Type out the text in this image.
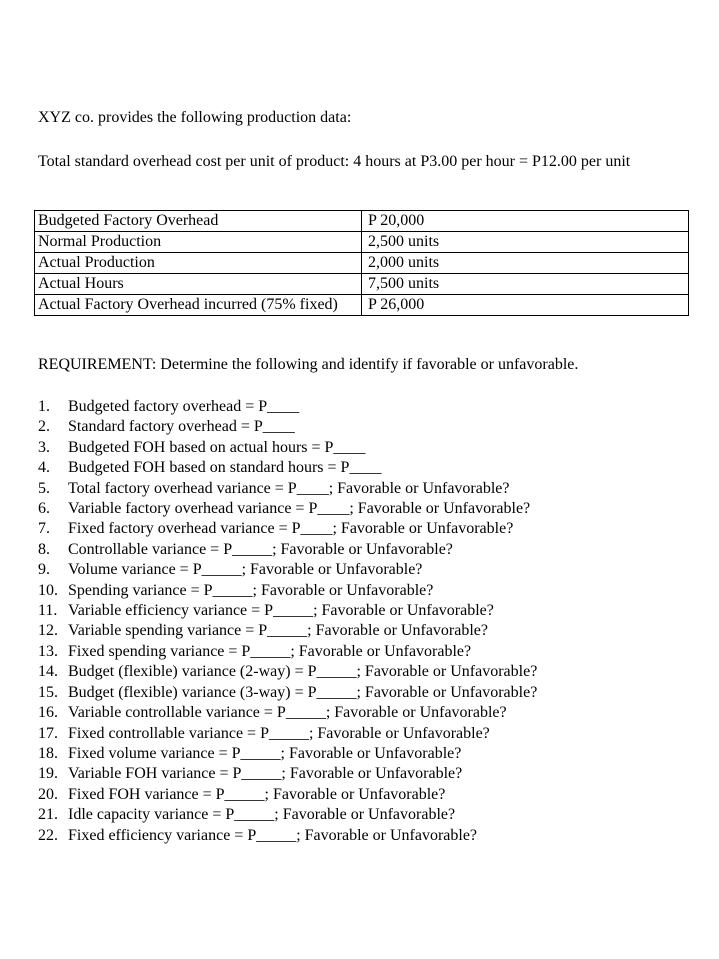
XYZ co. provides the following production data:

Total standard overhead cost per unit of product: 4 hours at P3.00 per hour = P12.00 per unit

Budgeted Factory Overhead	P 20,000
Normal Production	2,500 units
Actual Production	2,000 units
Actual Hours	7,500 units
Actual Factory Overhead incurred (75% fixed)	P 26,000

REQUIREMENT: Determine the following and identify if favorable or unfavorable.

1. Budgeted factory overhead = P____
2. Standard factory overhead = P____
3. Budgeted FOH based on actual hours = P____
4. Budgeted FOH based on standard hours = P____
5. Total factory overhead variance = P____; Favorable or Unfavorable?
6. Variable factory overhead variance = P____; Favorable or Unfavorable?
7. Fixed factory overhead variance = P____; Favorable or Unfavorable?
8. Controllable variance = P_____; Favorable or Unfavorable?
9. Volume variance = P_____; Favorable or Unfavorable?
10. Spending variance = P_____; Favorable or Unfavorable?
11. Variable efficiency variance = P_____; Favorable or Unfavorable?
12. Variable spending variance = P_____; Favorable or Unfavorable?
13. Fixed spending variance = P_____; Favorable or Unfavorable?
14. Budget (flexible) variance (2-way) = P_____; Favorable or Unfavorable?
15. Budget (flexible) variance (3-way) = P_____; Favorable or Unfavorable?
16. Variable controllable variance = P_____; Favorable or Unfavorable?
17. Fixed controllable variance = P_____; Favorable or Unfavorable?
18. Fixed volume variance = P_____; Favorable or Unfavorable?
19. Variable FOH variance = P_____; Favorable or Unfavorable?
20. Fixed FOH variance = P_____; Favorable or Unfavorable?
21. Idle capacity variance = P_____; Favorable or Unfavorable?
22. Fixed efficiency variance = P_____; Favorable or Unfavorable?
